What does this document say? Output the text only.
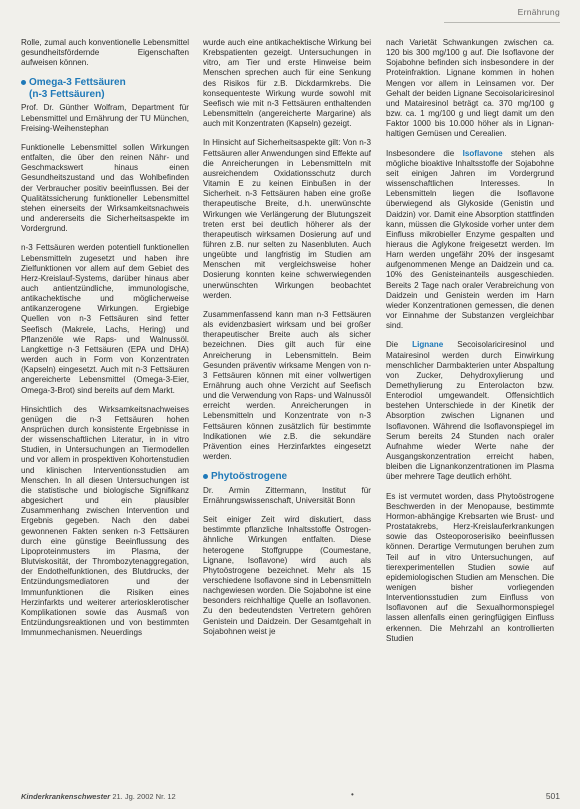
Ernährung

Rolle, zumal auch konventionelle Lebensmittel gesundheitsfördernde Eigenschaften aufweisen können.

Omega-3 Fettsäuren
(n-3 Fettsäuren)

Prof. Dr. Günther Wolfram, Department für Lebensmittel und Ernährung der TU München, Freising-Weihenstephan

Funktionelle Lebensmittel sollen Wirkungen entfalten, die über den reinen Nähr- und Geschmackswert hinaus einen Gesundheitszustand und das Wohlbefinden der Verbraucher positiv beeinflussen. Bei der Qualitätssicherung funktioneller Lebensmittel stehen einerseits der Wirksamkeitsnachweis und andererseits die Sicherheitsaspekte im Vordergrund.

n-3 Fettsäuren werden potentiell funktionellen Lebensmitteln zugesetzt und haben ihre Zielfunktionen vor allem auf dem Gebiet des Herz-Kreislauf-Systems, darüber hinaus aber auch antientzündliche, immunologische, antikachektische und möglicherweise antikanzerogene Wirkungen. Ergiebige Quellen von n-3 Fettsäuren sind fetter Seefisch (Makrele, Lachs, Hering) und Pflanzenöle wie Raps- und Walnussöl. Langkettige n-3 Fettsäuren (EPA und DHA) werden auch in Form von Konzentraten (Kapseln) eingesetzt. Auch mit n-3 Fettsäuren angereicherte Lebensmittel (Omega-3-Eier, Omega-3-Brot) sind bereits auf dem Markt.

Hinsichtlich des Wirksamkeitsnachweises genügen die n-3 Fettsäuren hohen Ansprüchen durch konsistente Ergebnisse in der wissenschaftlichen Literatur, in in vitro Studien, in Untersuchungen an Tiermodellen und vor allem in prospektiven Kohortenstudien und klinischen Interventionsstudien am Menschen. In all diesen Untersuchungen ist die statistische und biologische Signifikanz abgesichert und ein plausibler Zusammenhang zwischen Intervention und Ergebnis gegeben. Nach den dabei gewonnenen Fakten senken n-3 Fettsäuren durch eine günstige Beeinflussung des Lipoproteinmusters im Plasma, der Blutviskosität, der Thrombozytenaggregation, der Endothelfunktionen, des Blutdrucks, der Entzündungsmediatoren und der Immunfunktionen die Risiken eines Herzinfarkts und weiterer arteriosklerotischer Komplikationen sowie das Ausmaß von Entzündungsreaktionen und von bestimmten Immunmechanismen. Neuerdings

wurde auch eine antikachektische Wirkung bei Krebspatienten gezeigt. Untersuchungen in vitro, am Tier und erste Hinweise beim Menschen sprechen auch für eine Senkung des Risikos für z.B. Dickdarmkrebs. Die konsequenteste Wirkung wurde sowohl mit Seefisch wie mit n-3 Fettsäuren enthaltenden Lebensmitteln (angereicherte Margarine) als auch mit Konzentraten (Kapseln) gezeigt.

In Hinsicht auf Sicherheitsaspekte gilt: Von n-3 Fettsäuren aller Anwendungen sind Effekte auf die Anreicherungen in Lebensmitteln mit ausreichendem Oxidationsschutz durch Vitamin E zu keinen Einbußen in der Sicherheit. n-3 Fettsäuren haben eine große therapeutische Breite, d.h. unerwünschte Wirkungen wie Verlängerung der Blutungszeit treten erst bei deutlich höherer als der therapeutisch wirksamen Dosierung auf und führen z.B. nur selten zu Nasenbluten. Auch ungeübte und langfristig im Studien am Menschen mit vergleichsweise hoher Dosierung konnten keine schwerwiegenden unerwünschten Wirkungen beobachtet werden.

Zusammenfassend kann man n-3 Fettsäuren als evidenzbasiert wirksam und bei großer therapeutischer Breite auch als sicher bezeichnen. Dies gilt auch für eine Anreicherung in Lebensmitteln. Beim Gesunden präventiv wirksame Mengen von n-3 Fettsäuren können mit einer vollwertigen Ernährung auch ohne Verzicht auf Seefisch und die Verwendung von Raps- und Walnussöl erreicht werden. Anreicherungen in Lebensmitteln und Konzentrate von n-3 Fettsäuren können zusätzlich für bestimmte Indikationen wie z.B. die sekundäre Prävention eines Herzinfarktes eingesetzt werden.

Phytoöstrogene

Dr. Armin Zittermann, Institut für Ernährungswissenschaft, Universität Bonn

Seit einiger Zeit wird diskutiert, dass bestimmte pflanzliche Inhaltsstoffe Östrogen-ähnliche Wirkungen entfalten. Diese heterogene Stoffgruppe (Coumestane, Lignane, Isoflavone) wird auch als Phytoöstrogene bezeichnet. Mehr als 15 verschiedene Isoflavone sind in Lebensmitteln nachgewiesen worden. Die Sojabohne ist eine besonders reichhaltige Quelle an Isoflavonen. Zu den bedeutendsten Vertretern gehören Genistein und Daidzein. Der Gesamtgehalt in Sojabohnen weist je

nach Varietät Schwankungen zwischen ca. 120 bis 300 mg/100 g auf. Die Isoflavone der Sojabohne befinden sich insbesondere in der Proteinfraktion. Lignane kommen in hohen Mengen vor allem in Leinsamen vor. Der Gehalt der beiden Lignane Secoisolariciresinol und Matairesinol beträgt ca. 370 mg/100 g bzw. ca. 1 mg/100 g und liegt damit um den Faktor 1000 bis 10.000 höher als in Lignan-haltigen Gemüsen und Cerealien.

Insbesondere die Isoflavone stehen als mögliche bioaktive Inhaltsstoffe der Sojabohne seit einigen Jahren im Vordergrund wissenschaftlichen Interesses. In Lebensmitteln liegen die Isoflavone überwiegend als Glykoside (Genistin und Daidzin) vor. Damit eine Absorption stattfinden kann, müssen die Glykoside vorher unter dem Einfluss mikrobieller Enzyme gespalten und hieraus die Aglykone freigesetzt werden. Im Harn werden ungefähr 20% der insgesamt aufgenommenen Menge an Daidzein und ca. 10% des Genisteinanteils ausgeschieden. Bereits 2 Tage nach oraler Verabreichung von Daidzein und Genistein werden im Harn wieder Konzentrationen gemessen, die denen vor Einnahme der Substanzen vergleichbar sind.

Die Lignane Secoisolariciresinol und Matairesinol werden durch Einwirkung menschlicher Darmbakterien unter Abspaltung von Zucker, Dehydroxylierung und Demethylierung zu Enterolacton bzw. Enterodiol umgewandelt. Offensichtlich bestehen Unterschiede in der Kinetik der Absorption zwischen Lignanen und Isoflavonen. Während die Isoflavonspiegel im Serum bereits 24 Stunden nach oraler Aufnahme wieder Werte nahe der Ausgangskonzentration erreicht haben, bleiben die Lignankonzentrationen im Plasma über mehrere Tage deutlich erhöht.

Es ist vermutet worden, dass Phytoöstrogene Beschwerden in der Menopause, bestimmte Hormon-abhängige Krebsarten wie Brust- und Prostatakrebs, Herz-Kreislauferkrankungen sowie das Osteoporoserisiko beeinflussen können. Derartige Vermutungen beruhen zum Teil auf in vitro Untersuchungen, auf tierexperimentellen Studien sowie auf epidemiologischen Studien am Menschen. Die wenigen bisher vorliegenden Interventionsstudien zum Einfluss von Isoflavonen auf die Sexualhormonspiegel lassen allenfalls einen geringfügigen Einfluss erkennen. Die Mehrzahl an kontrollierten Studien

Kinderkrankenschwester 21. Jg. 2002 Nr. 12	•	501
